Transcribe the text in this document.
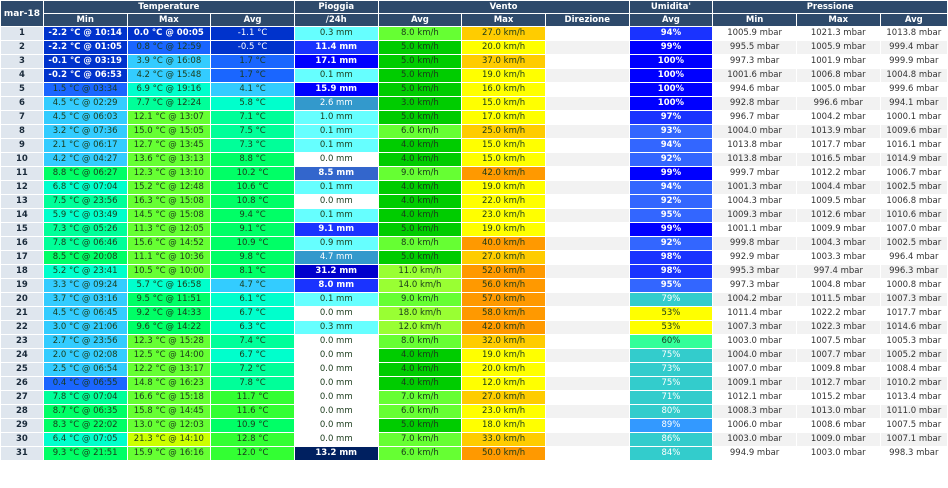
mar-18	Temperature			Pioggia	Vento			Umidita'	Pressione		
	Min	Max	Avg	/24h	Avg	Max	Direzione	Avg	Min	Max	Avg
1	-2.2 °C @ 10:14	0.0 °C @ 00:05	-1.1 °C	0.3 mm	8.0 km/h	27.0 km/h		94%	1005.9 mbar	1021.3 mbar	1013.8 mbar
2	-2.2 °C @ 01:05	0.8 °C @ 12:59	-0.5 °C	11.4 mm	5.0 km/h	20.0 km/h		99%	995.5 mbar	1005.9 mbar	999.4 mbar
3	-0.1 °C @ 03:19	3.9 °C @ 16:08	1.7 °C	17.1 mm	5.0 km/h	37.0 km/h		100%	997.3 mbar	1001.9 mbar	999.9 mbar
4	-0.2 °C @ 06:53	4.2 °C @ 15:48	1.7 °C	0.1 mm	5.0 km/h	19.0 km/h		100%	1001.6 mbar	1006.8 mbar	1004.8 mbar
5	1.5 °C @ 03:34	6.9 °C @ 19:16	4.1 °C	15.9 mm	5.0 km/h	16.0 km/h		100%	994.6 mbar	1005.0 mbar	999.6 mbar
6	4.5 °C @ 02:29	7.7 °C @ 12:24	5.8 °C	2.6 mm	3.0 km/h	15.0 km/h		100%	992.8 mbar	996.6 mbar	994.1 mbar
7	4.5 °C @ 06:03	12.1 °C @ 13:07	7.1 °C	1.0 mm	5.0 km/h	17.0 km/h		97%	996.7 mbar	1004.2 mbar	1000.1 mbar
8	3.2 °C @ 07:36	15.0 °C @ 15:05	7.5 °C	0.1 mm	6.0 km/h	25.0 km/h		93%	1004.0 mbar	1013.9 mbar	1009.6 mbar
9	2.1 °C @ 06:17	12.7 °C @ 13:45	7.3 °C	0.1 mm	4.0 km/h	15.0 km/h		94%	1013.8 mbar	1017.7 mbar	1016.1 mbar
10	4.2 °C @ 04:27	13.6 °C @ 13:13	8.8 °C	0.0 mm	4.0 km/h	15.0 km/h		92%	1013.8 mbar	1016.5 mbar	1014.9 mbar
11	8.8 °C @ 06:27	12.3 °C @ 13:10	10.2 °C	8.5 mm	9.0 km/h	42.0 km/h		99%	999.7 mbar	1012.2 mbar	1006.7 mbar
12	6.8 °C @ 07:04	15.2 °C @ 12:48	10.6 °C	0.1 mm	4.0 km/h	19.0 km/h		94%	1001.3 mbar	1004.4 mbar	1002.5 mbar
13	7.5 °C @ 23:56	16.3 °C @ 15:08	10.8 °C	0.0 mm	4.0 km/h	22.0 km/h		92%	1004.3 mbar	1009.5 mbar	1006.8 mbar
14	5.9 °C @ 03:49	14.5 °C @ 15:08	9.4 °C	0.1 mm	4.0 km/h	23.0 km/h		95%	1009.3 mbar	1012.6 mbar	1010.6 mbar
15	7.3 °C @ 05:26	11.3 °C @ 12:05	9.1 °C	9.1 mm	5.0 km/h	19.0 km/h		99%	1001.1 mbar	1009.9 mbar	1007.0 mbar
16	7.8 °C @ 06:46	15.6 °C @ 14:52	10.9 °C	0.9 mm	8.0 km/h	40.0 km/h		92%	999.8 mbar	1004.3 mbar	1002.5 mbar
17	8.5 °C @ 20:08	11.1 °C @ 10:36	9.8 °C	4.7 mm	5.0 km/h	27.0 km/h		98%	992.9 mbar	1003.3 mbar	996.4 mbar
18	5.2 °C @ 23:41	10.5 °C @ 10:00	8.1 °C	31.2 mm	11.0 km/h	52.0 km/h		98%	995.3 mbar	997.4 mbar	996.3 mbar
19	3.3 °C @ 09:24	5.7 °C @ 16:58	4.7 °C	8.0 mm	14.0 km/h	56.0 km/h		95%	997.3 mbar	1004.8 mbar	1000.8 mbar
20	3.7 °C @ 03:16	9.5 °C @ 11:51	6.1 °C	0.1 mm	9.0 km/h	57.0 km/h		79%	1004.2 mbar	1011.5 mbar	1007.3 mbar
21	4.5 °C @ 06:45	9.2 °C @ 14:33	6.7 °C	0.0 mm	18.0 km/h	58.0 km/h		53%	1011.4 mbar	1022.2 mbar	1017.7 mbar
22	3.0 °C @ 21:06	9.6 °C @ 14:22	6.3 °C	0.3 mm	12.0 km/h	42.0 km/h		53%	1007.3 mbar	1022.3 mbar	1014.6 mbar
23	2.7 °C @ 23:56	12.3 °C @ 15:28	7.4 °C	0.0 mm	8.0 km/h	32.0 km/h		60%	1003.0 mbar	1007.5 mbar	1005.3 mbar
24	2.0 °C @ 02:08	12.5 °C @ 14:00	6.7 °C	0.0 mm	4.0 km/h	19.0 km/h		75%	1004.0 mbar	1007.7 mbar	1005.2 mbar
25	2.5 °C @ 06:54	12.2 °C @ 13:17	7.2 °C	0.0 mm	4.0 km/h	20.0 km/h		73%	1007.0 mbar	1009.8 mbar	1008.4 mbar
26	0.4 °C @ 06:55	14.8 °C @ 16:23	7.8 °C	0.0 mm	4.0 km/h	12.0 km/h		75%	1009.1 mbar	1012.7 mbar	1010.2 mbar
27	7.8 °C @ 07:04	16.6 °C @ 15:18	11.7 °C	0.0 mm	7.0 km/h	27.0 km/h		71%	1012.1 mbar	1015.2 mbar	1013.4 mbar
28	8.7 °C @ 06:35	15.8 °C @ 14:45	11.6 °C	0.0 mm	6.0 km/h	23.0 km/h		80%	1008.3 mbar	1013.0 mbar	1011.0 mbar
29	8.3 °C @ 22:02	13.0 °C @ 12:03	10.9 °C	0.0 mm	5.0 km/h	18.0 km/h		89%	1006.0 mbar	1008.6 mbar	1007.5 mbar
30	6.4 °C @ 07:05	21.3 °C @ 14:10	12.8 °C	0.0 mm	7.0 km/h	33.0 km/h		86%	1003.0 mbar	1009.0 mbar	1007.1 mbar
31	9.3 °C @ 21:51	15.9 °C @ 16:16	12.0 °C	13.2 mm	6.0 km/h	50.0 km/h		84%	994.9 mbar	1003.0 mbar	998.3 mbar
